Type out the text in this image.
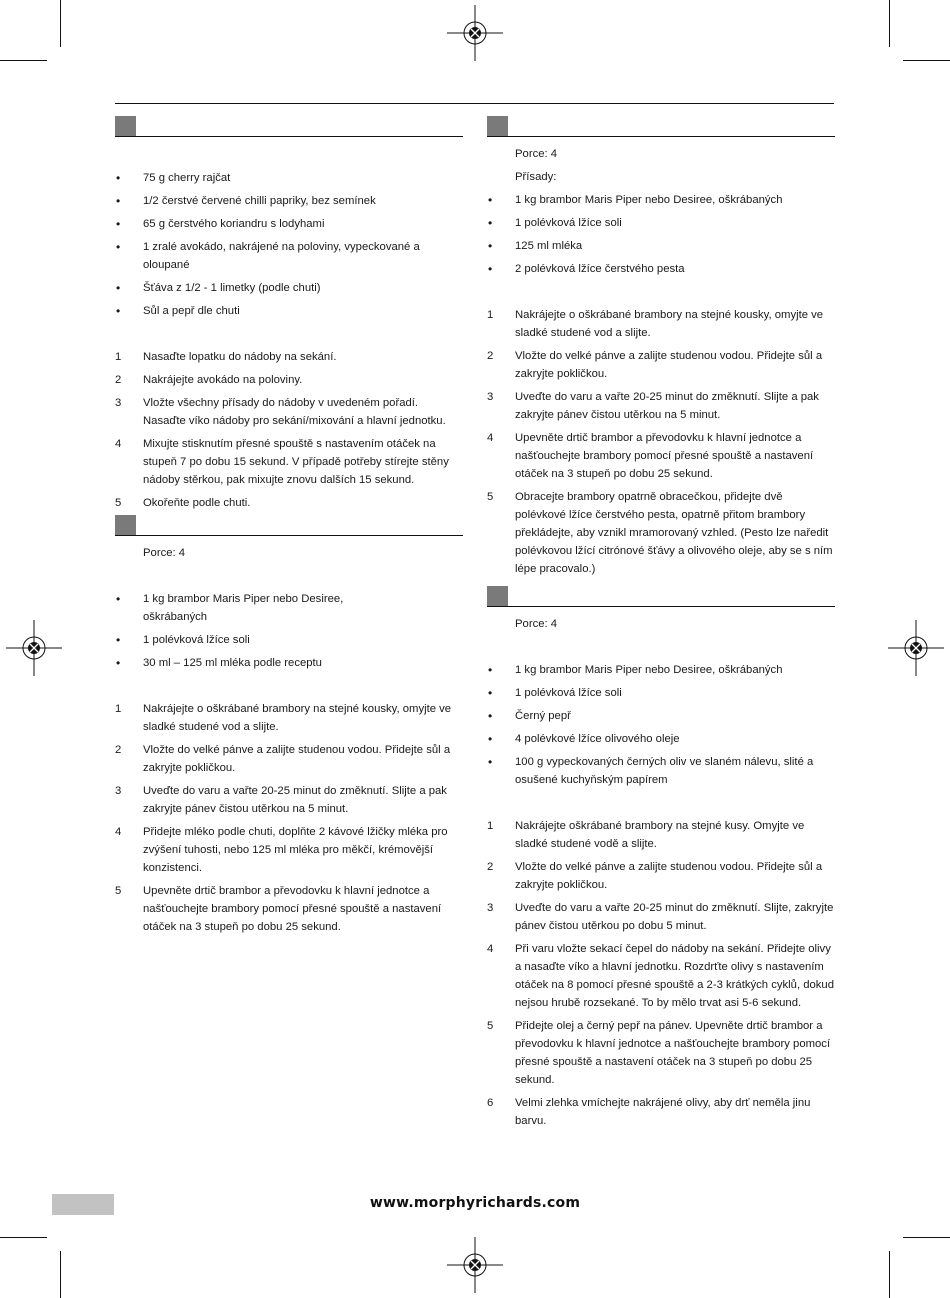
• 75 g cherry rajčat
• 1/2 čerstvé červené chilli papriky, bez semínek
• 65 g čerstvého koriandru s lodyhami
• 1 zralé avokádo, nakrájené na poloviny, vypeckované a oloupané
• Šťáva z 1/2 - 1 limetky (podle chuti)
• Sůl a pepř dle chuti
1 Nasaďte lopatku do nádoby na sekání.
2 Nakrájejte avokádo na poloviny.
3 Vložte všechny přísady do nádoby v uvedeném pořadí. Nasaďte víko nádoby pro sekání/mixování a hlavní jednotku.
4 Mixujte stisknutím přesné spouště s nastavením otáček na stupeň 7 po dobu 15 sekund. V případě potřeby stírejte stěny nádoby stěrkou, pak mixujte znovu dalších 15 sekund.
5 Okořeňte podle chuti.
Porce: 4
• 1 kg brambor Maris Piper nebo Desiree,
oškrábaných
• 1 polévková lžíce soli
• 30 ml – 125 ml mléka podle receptu
1 Nakrájejte o oškrábané brambory na stejné kousky, omyjte ve sladké studené vod a slijte.
2 Vložte do velké pánve a zalijte studenou vodou. Přidejte sůl a zakryjte pokličkou.
3 Uveďte do varu a vařte 20-25 minut do změknutí. Slijte a pak zakryjte pánev čistou utěrkou na 5 minut.
4 Přidejte mléko podle chuti, doplňte 2 kávové lžičky mléka pro zvýšení tuhosti, nebo 125 ml mléka pro měkčí, krémovější konzistenci.
5 Upevněte drtič brambor a převodovku k hlavní jednotce a našťouchejte brambory pomocí přesné spouště a nastavení otáček na 3 stupeň po dobu 25 sekund.
Porce: 4
Přísady:
• 1 kg brambor Maris Piper nebo Desiree, oškrábaných
• 1 polévková lžíce soli
• 125 ml mléka
• 2 polévková lžíce čerstvého pesta
1 Nakrájejte o oškrábané brambory na stejné kousky, omyjte ve sladké studené vod a slijte.
2 Vložte do velké pánve a zalijte studenou vodou. Přidejte sůl a zakryjte pokličkou.
3 Uveďte do varu a vařte 20-25 minut do změknutí. Slijte a pak zakryjte pánev čistou utěrkou na 5 minut.
4 Upevněte drtič brambor a převodovku k hlavní jednotce a našťouchejte brambory pomocí přesné spouště a nastavení otáček na 3 stupeň po dobu 25 sekund.
5 Obracejte brambory opatrně obracečkou, přidejte dvě polévkové lžíce čerstvého pesta, opatrně přitom brambory překládejte, aby vznikl mramorovaný vzhled. (Pesto lze naředit polévkovou lžící citrónové šťávy a olivového oleje, aby se s ním lépe pracovalo.)
Porce: 4
• 1 kg brambor Maris Piper nebo Desiree, oškrábaných
• 1 polévková lžíce soli
• Černý pepř
• 4 polévkové lžíce olivového oleje
• 100 g vypeckovaných černých oliv ve slaném nálevu, slité a osušené kuchyňským papírem
1 Nakrájejte oškrábané brambory na stejné kusy. Omyjte ve sladké studené vodě a slijte.
2 Vložte do velké pánve a zalijte studenou vodou. Přidejte sůl a zakryjte pokličkou.
3 Uveďte do varu a vařte 20-25 minut do změknutí. Slijte, zakryjte pánev čistou utěrkou po dobu 5 minut.
4 Při varu vložte sekací čepel do nádoby na sekání. Přidejte olivy a nasaďte víko a hlavní jednotku. Rozdrťte olivy s nastavením otáček na 8 pomocí přesné spouště a 2-3 krátkých cyklů, dokud nejsou hrubě rozsekané. To by mělo trvat asi 5-6 sekund.
5 Přidejte olej a černý pepř na pánev. Upevněte drtič brambor a převodovku k hlavní jednotce a našťouchejte brambory pomocí přesné spouště a nastavení otáček na 3 stupeň po dobu 25 sekund.
6 Velmi zlehka vmíchejte nakrájené olivy, aby drť neměla jinu barvu.
www.morphyrichards.com
